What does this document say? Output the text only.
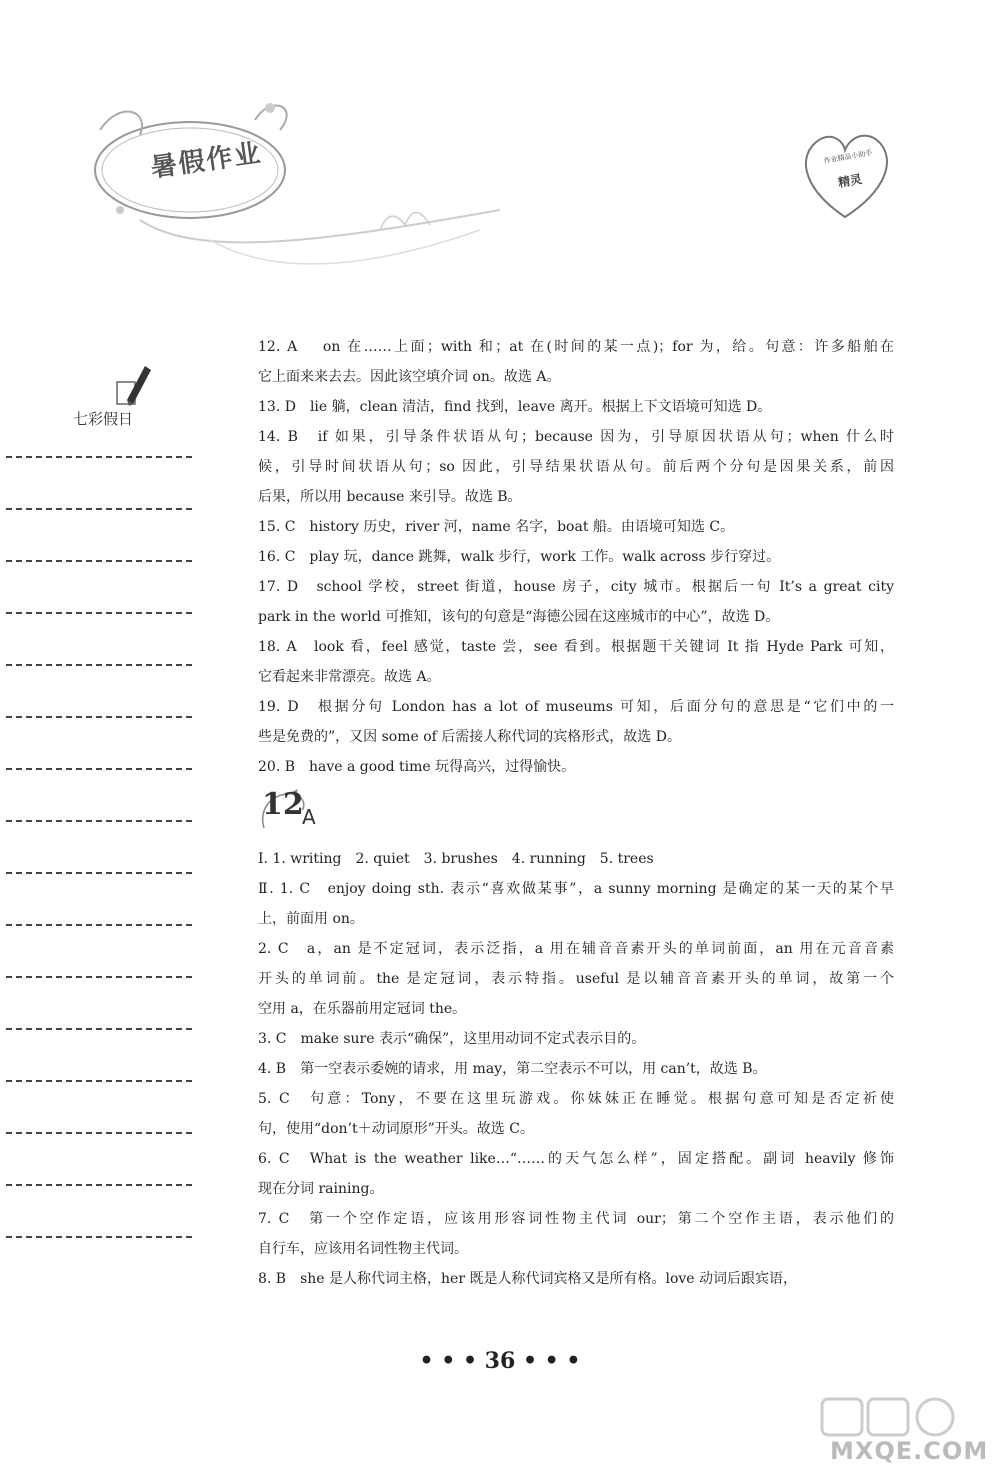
暑假作业	作业精品小助手
精灵
七彩假日
12. A　 on 在……上面；with 和；at 在(时间的某一点)；for 为，给。句意：许多船舶在
它上面来来去去。因此该空填介词 on。故选 A。
13. D　lie 躺，clean 清洁，find 找到，leave 离开。根据上下文语境可知选 D。
14. B　if 如果，引导条件状语从句；because 因为，引导原因状语从句；when 什么时
候，引导时间状语从句；so 因此，引导结果状语从句。前后两个分句是因果关系，前因
后果，所以用 because 来引导。故选 B。
15. C　history 历史，river 河，name 名字，boat 船。由语境可知选 C。
16. C　play 玩，dance 跳舞，walk 步行，work 工作。walk across 步行穿过。
17. D　school 学校，street 街道，house 房子，city 城市。根据后一句 It’s a great city
park in the world 可推知，该句的句意是“海德公园在这座城市的中心”，故选 D。
18. A　look 看，feel 感觉，taste 尝，see 看到。根据题干关键词 It 指 Hyde Park 可知，
它看起来非常漂亮。故选 A。
19. D　根据分句 London has a lot of museums 可知，后面分句的意思是“它们中的一
些是免费的”，又因 some of 后需接人称代词的宾格形式，故选 D。
20. B　have a good time 玩得高兴，过得愉快。
12
A
Ⅰ. 1. writing　2. quiet　3. brushes　4. running　5. trees
Ⅱ. 1. C　enjoy doing sth. 表示“喜欢做某事”，a sunny morning 是确定的某一天的某个早
上，前面用 on。
2. C　a，an 是不定冠词，表示泛指，a 用在辅音音素开头的单词前面，an 用在元音音素
开头的单词前。the 是定冠词，表示特指。useful 是以辅音音素开头的单词，故第一个
空用 a，在乐器前用定冠词 the。
3. C　make sure 表示“确保”，这里用动词不定式表示目的。
4. B　第一空表示委婉的请求，用 may，第二空表示不可以，用 can’t，故选 B。
5. C　句意：Tony，不要在这里玩游戏。你妹妹正在睡觉。根据句意可知是否定祈使
句，使用“don’t＋动词原形”开头。故选 C。
6. C　What is the weather like…“……的天气怎么样”，固定搭配。副词 heavily 修饰
现在分词 raining。
7. C　第一个空作定语，应该用形容词性物主代词 our；第二个空作主语，表示他们的
自行车，应该用名词性物主代词。
8. B　she 是人称代词主格，her 既是人称代词宾格又是所有格。love 动词后跟宾语，
• • • 36 • • •
MXQE.COM
